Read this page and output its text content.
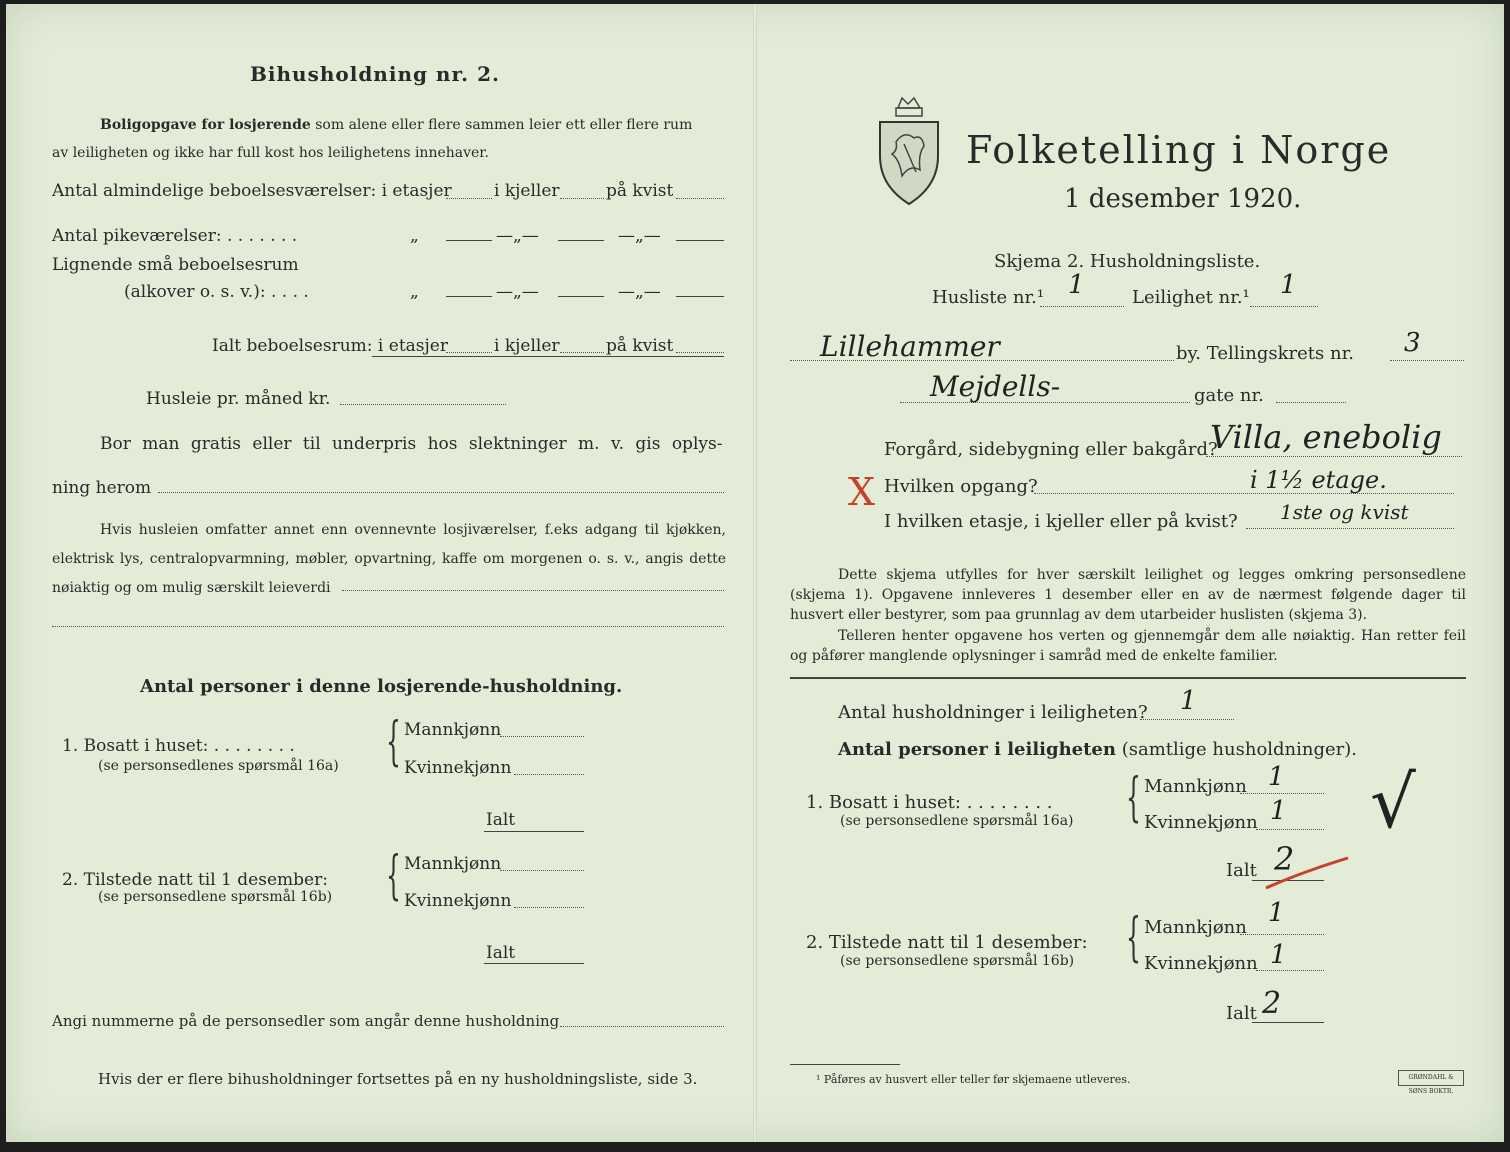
Bihusholdning nr. 2.
Boligopgave for losjerende som alene eller flere sammen leier ett eller flere rum
av leiligheten og ikke har full kost hos leilighetens innehaver.
Antal almindelige beboelsesværelser: i etasjer i kjeller	på kvist
Antal pikeværelser: . . . . . . .	„	—„—	—„—
Lignende små beboelsesrum
(alkover o. s. v.): . . . .	„	—„—	—„—
Ialt beboelsesrum: i etasjer	i kjeller	på kvist
Husleie pr. måned kr.
Bor man gratis eller til underpris hos slektninger m. v. gis oplys-
ning herom
Hvis husleien omfatter annet enn ovennevnte losjiværelser, f.eks adgang til kjøkken, elektrisk lys, centralopvarmning, møbler, opvartning, kaffe om morgenen o. s. v., angis dette nøiaktig og om mulig særskilt leieverdi
Antal personer i denne losjerende-husholdning.
1. Bosatt i huset: . . . . . . . .
(se personsedlenes spørsmål 16a) { Mannkjønn
Kvinnekjønn
Ialt
2. Tilstede natt til 1 desember:
(se personsedlene spørsmål 16b) { Mannkjønn
Kvinnekjønn
Ialt
Angi nummerne på de personsedler som angår denne husholdning
Hvis der er flere bihusholdninger fortsettes på en ny husholdningsliste, side 3.
Folketelling i Norge
1 desember 1920.
Skjema 2. Husholdningsliste.
Husliste nr.¹ 1	Leilighet nr.¹ 1
Lillehammer	by. Tellingskrets nr. 3
Mejdells-	gate nr.
Forgård, sidebygning eller bakgård?
Villa, enebolig
X Hvilken opgang?	i 1½ etage.
I hvilken etasje, i kjeller eller på kvist? 1ste og kvist
Dette skjema utfylles for hver særskilt leilighet og legges omkring personsedlene (skjema 1). Opgavene innleveres 1 desember eller en av de nærmest følgende dager til husvert eller bestyrer, som paa grunnlag av dem utarbeider huslisten (skjema 3).
Telleren henter opgavene hos verten og gjennemgår dem alle nøiaktig. Han retter feil og påfører manglende oplysninger i samråd med de enkelte familier.
Antal husholdninger i leiligheten? 1
Antal personer i leiligheten (samtlige husholdninger).
1. Bosatt i huset: . . . . . . . .
(se personsedlene spørsmål 16a) { Mannkjønn 1
Kvinnekjønn 1
Ialt 2
√
2. Tilstede natt til 1 desember:
(se personsedlene spørsmål 16b) { Mannkjønn 1
Kvinnekjønn 1
Ialt 2
¹ Påføres av husvert eller teller før skjemaene utleveres.	GRØNDAHL & SØNS BOKTR.
